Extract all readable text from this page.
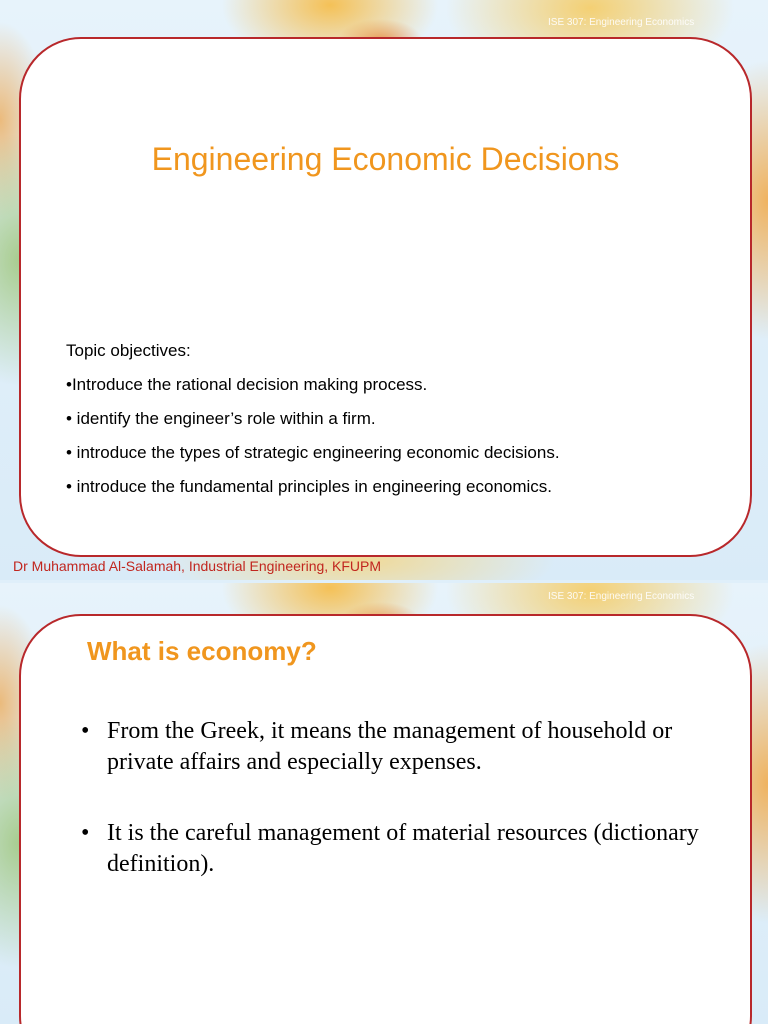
ISE 307: Engineering Economics
Engineering Economic Decisions
Topic objectives:
•Introduce the rational decision making process.
• identify the engineer’s role within a firm.
• introduce the types of strategic engineering economic decisions.
• introduce the fundamental principles in engineering economics.
Dr Muhammad Al-Salamah, Industrial Engineering, KFUPM
ISE 307: Engineering Economics
What is economy?
• From the Greek, it means the management of household or private affairs and especially expenses.
• It is the careful management of material resources (dictionary definition).
